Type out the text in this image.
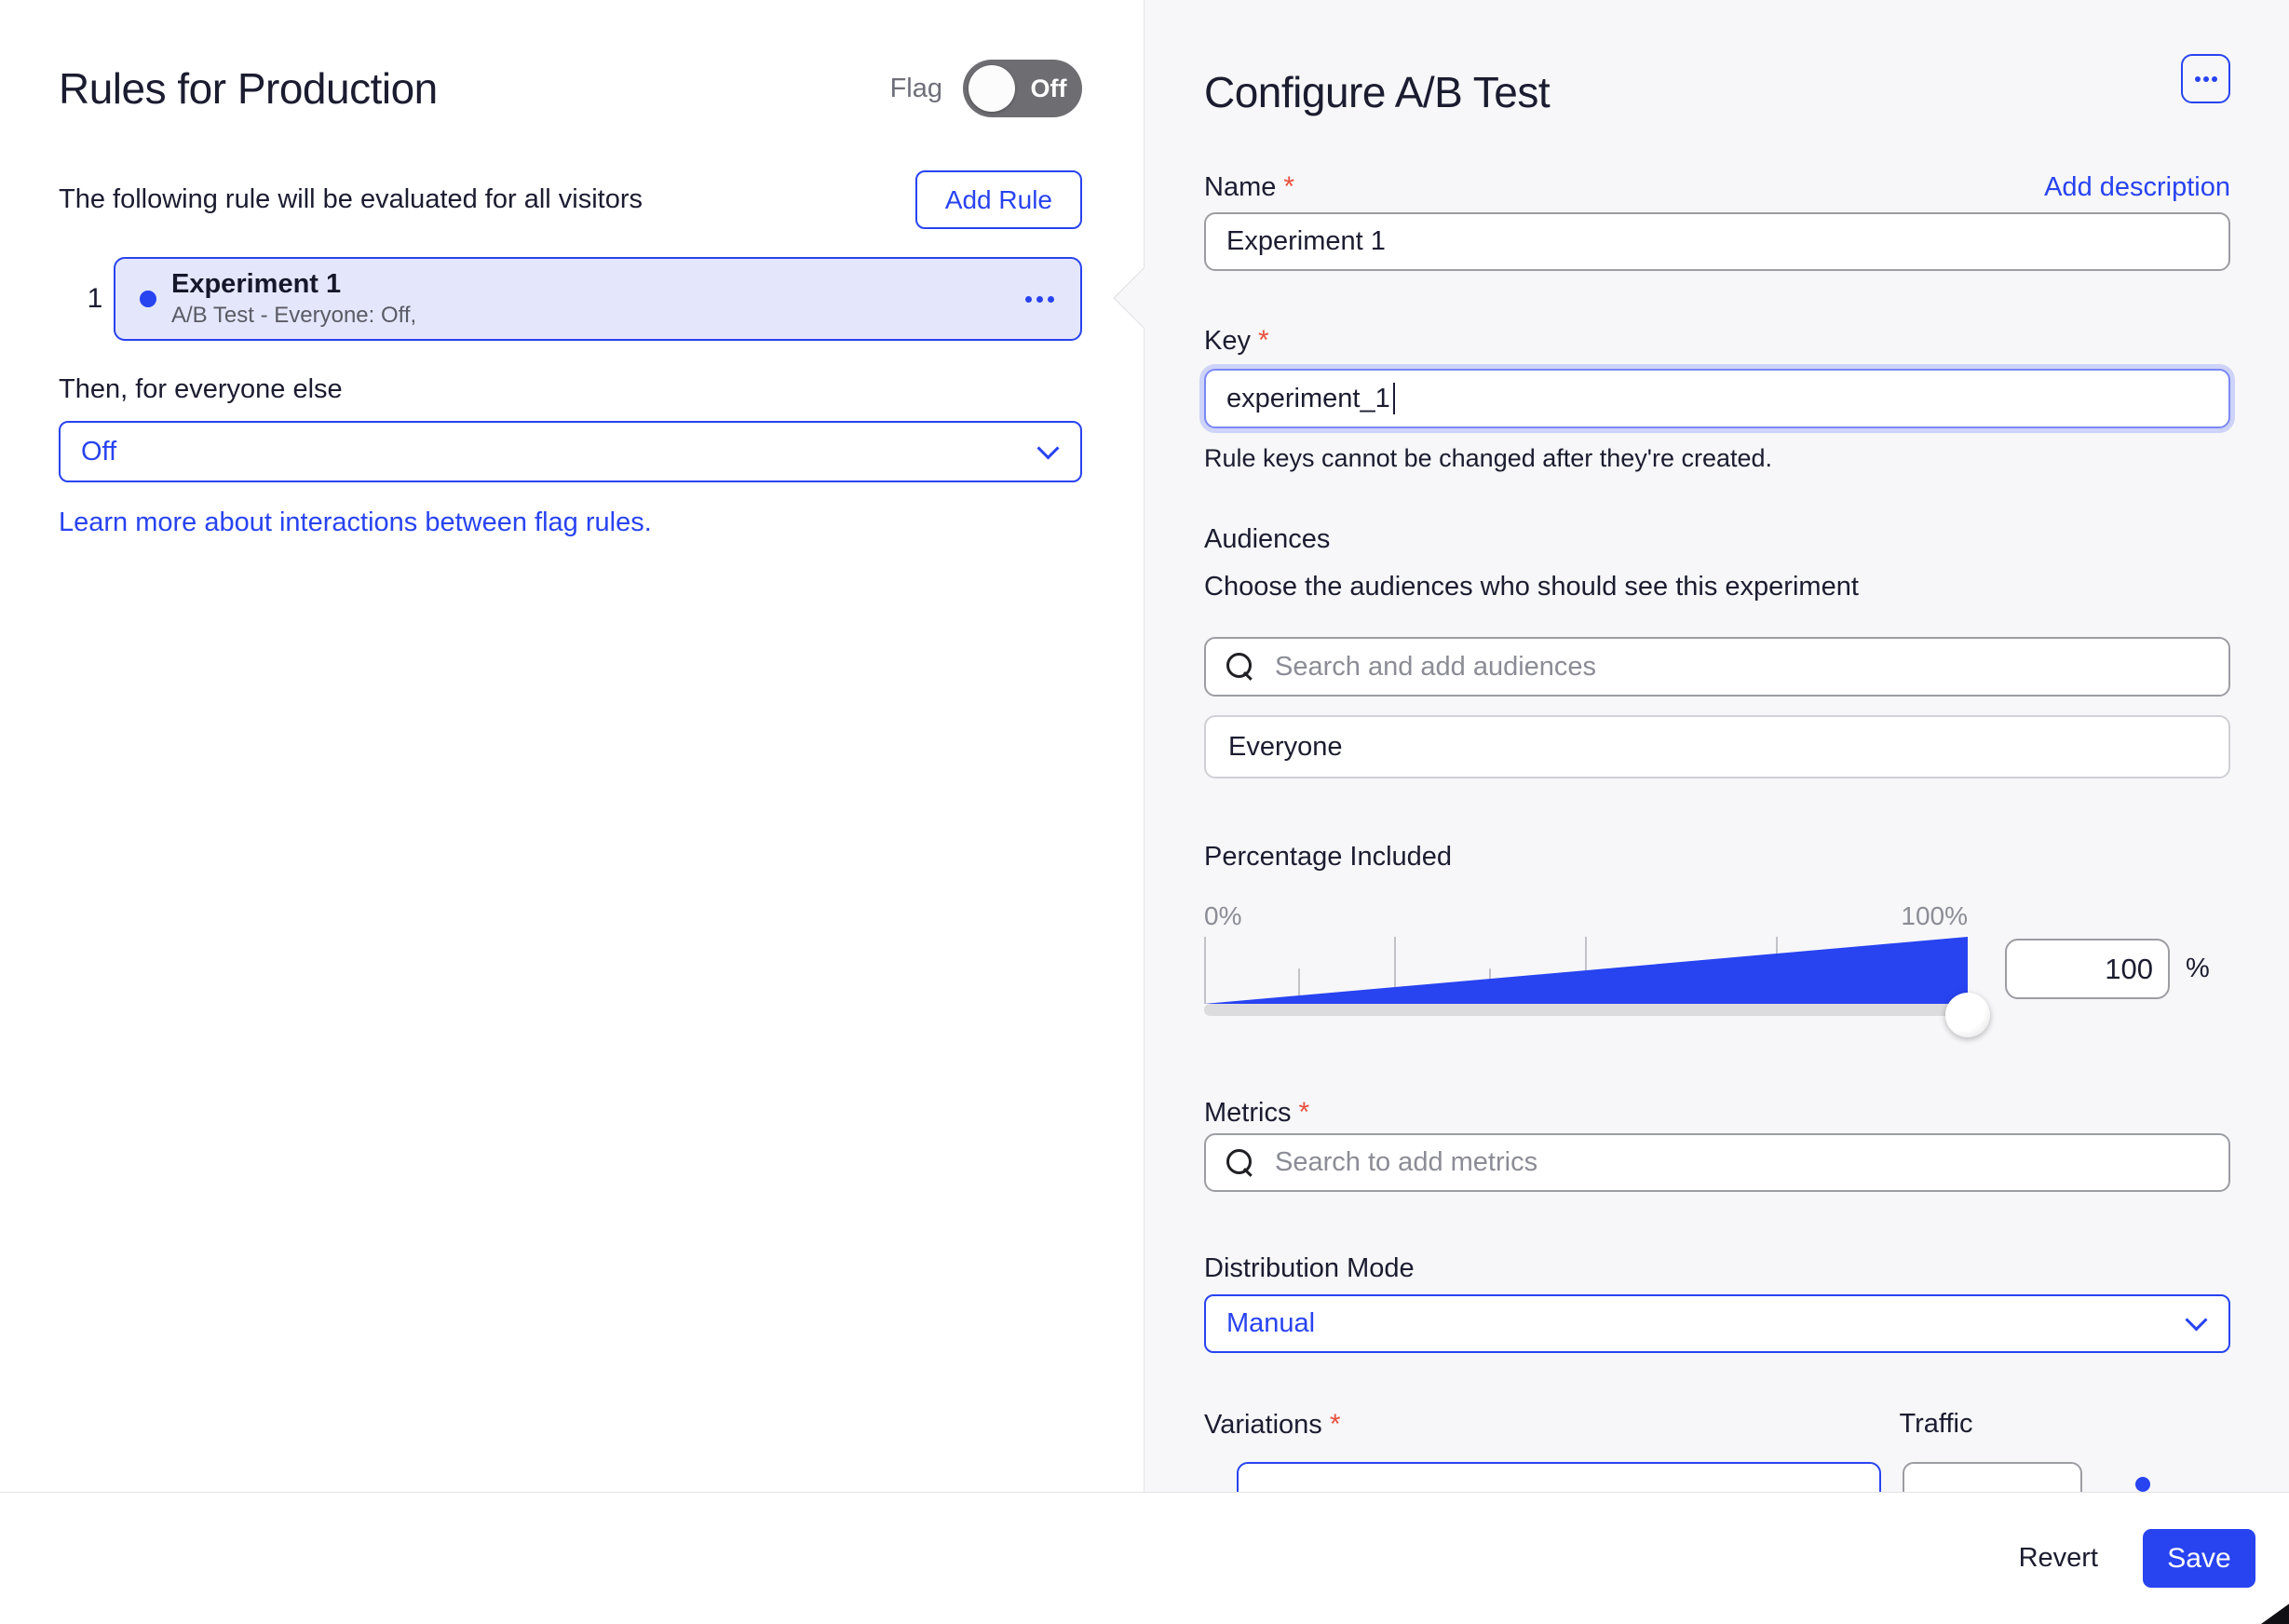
Rules for Production	Flag	Off
The following rule will be evaluated for all visitors	Add Rule
1	Experiment 1
A/B Test - Everyone: Off,
Then, for everyone else
Off
Learn more about interactions between flag rules.
Configure A/B Test
Name *	Add description
Experiment 1
Key *
experiment_1
Rule keys cannot be changed after they're created.
Audiences
Choose the audiences who should see this experiment
Search and add audiences
Everyone
Percentage Included
0%	100%
100
%
Metrics *
Search to add metrics
Distribution Mode
Manual
Variations *	Traffic
Revert	Save
